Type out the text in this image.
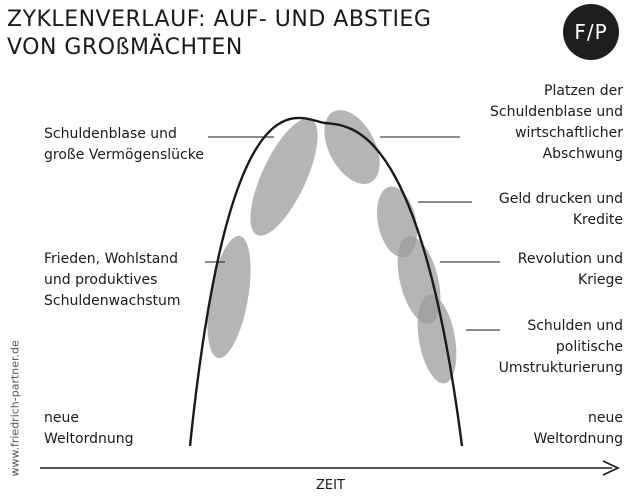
ZYKLENVERLAUF: AUF- UND ABSTIEG
VON GROßMÄCHTEN
F/P
www.friedrich-partner.de
Schuldenblase und
große Vermögenslücke
Frieden, Wohlstand
und produktives
Schuldenwachstum
neue
Weltordnung
Platzen der
Schuldenblase und
wirtschaftlicher
Abschwung
Geld drucken und
Kredite
Revolution und
Kriege
Schulden und
politische
Umstrukturierung
neue
Weltordnung
ZEIT
